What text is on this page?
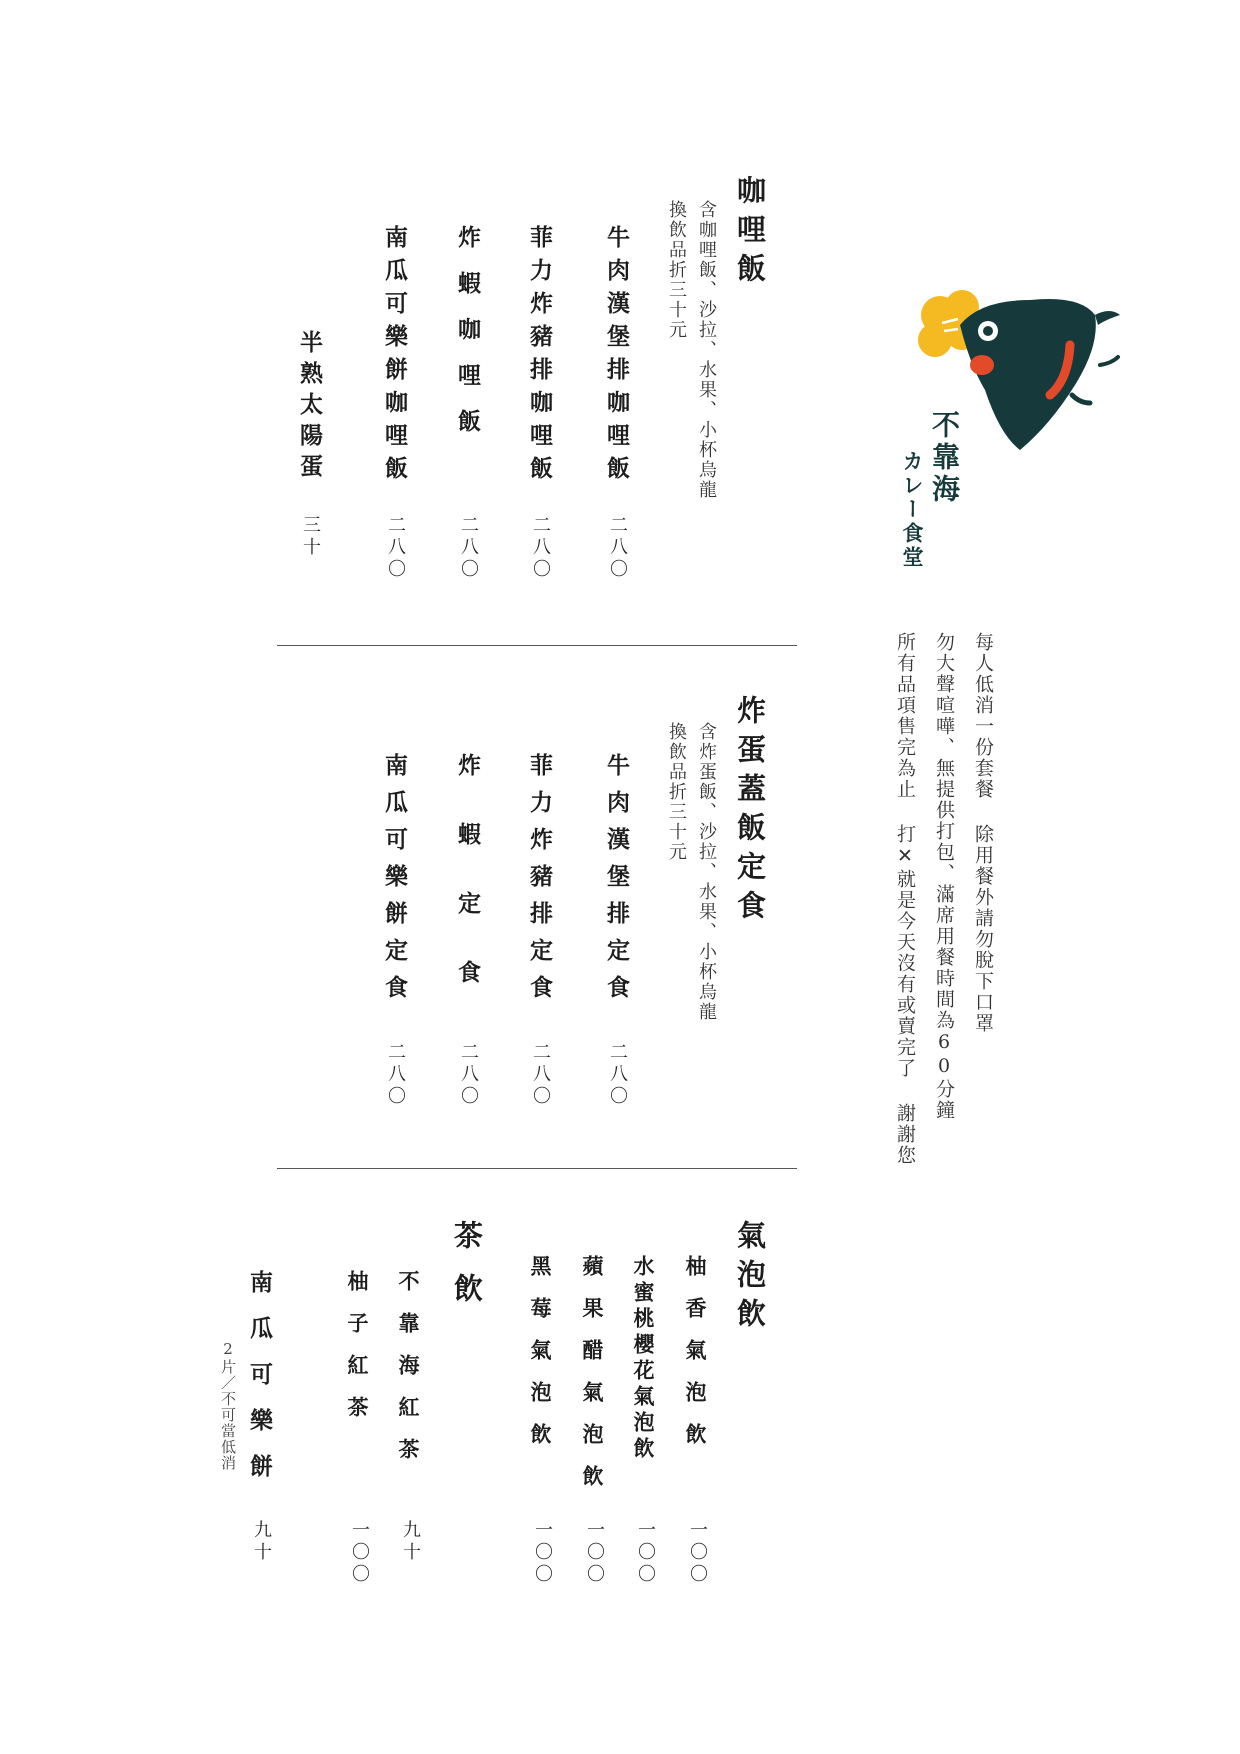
不靠海
カレー食堂
每人低消一份套餐 除用餐外請勿脫下口罩
勿大聲喧嘩、無提供打包、滿席用餐時間為60分鐘
所有品項售完為止 打✕就是今天沒有或賣完了 謝謝您
咖哩飯
含咖哩飯、沙拉、水果、小杯烏龍
換飲品折三十元
牛肉漢堡排咖哩飯
二八〇
菲力炸豬排咖哩飯
二八〇
炸　蝦　咖　哩　飯
二八〇
南瓜可樂餅咖哩飯
二八〇
半熟太陽蛋
三十
炸蛋蓋飯定食
含炸蛋飯、沙拉、水果、小杯烏龍
換飲品折三十元
牛肉漢堡排定食
二八〇
菲力炸豬排定食
二八〇
炸　　蝦　　定　　食
二八〇
南瓜可樂餅定食
二八〇
氣泡飲
柚　香　氣　泡　飲
一〇〇
水蜜桃櫻花氣泡飲
一〇〇
蘋　果　醋　氣　泡　飲
一〇〇
黑　莓　氣　泡　飲
一〇〇
茶飲
不　靠　海　紅　茶
九十
柚　子　紅　茶
一〇〇
南　瓜　可　樂　餅
九十
2片／不可當低消
